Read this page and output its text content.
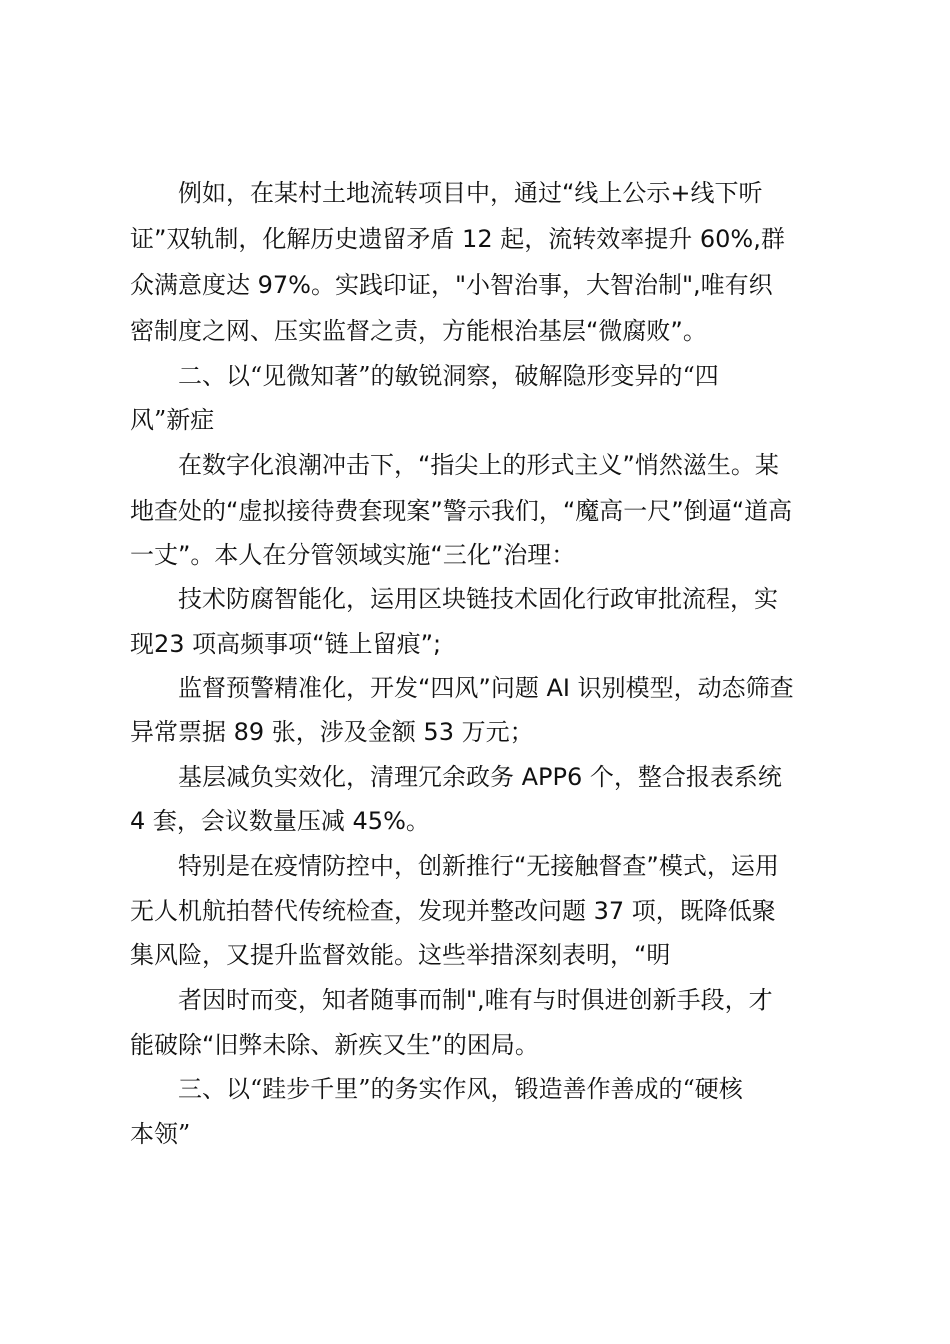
例如，在某村土地流转项目中，通过“线上公示+线下听
证”双轨制，化解历史遗留矛盾 12 起，流转效率提升 60%,群
众满意度达 97%。实践印证，"小智治事，大智治制",唯有织
密制度之网、压实监督之责，方能根治基层“微腐败”。
二、以“见微知著”的敏锐洞察，破解隐形变异的“四
风”新症
在数字化浪潮冲击下，“指尖上的形式主义”悄然滋生。某
地查处的“虚拟接待费套现案”警示我们，“魔高一尺”倒逼“道高
一丈”。本人在分管领域实施“三化”治理：
技术防腐智能化，运用区块链技术固化行政审批流程，实
现23 项高频事项“链上留痕”;
监督预警精准化，开发“四风”问题 AI 识别模型，动态筛查
异常票据 89 张，涉及金额 53 万元；
基层减负实效化，清理冗余政务 APP6 个，整合报表系统
4 套，会议数量压减 45%。
特别是在疫情防控中，创新推行“无接触督查”模式，运用
无人机航拍替代传统检查，发现并整改问题 37 项，既降低聚
集风险，又提升监督效能。这些举措深刻表明，“明
者因时而变，知者随事而制",唯有与时俱进创新手段，才
能破除“旧弊未除、新疾又生”的困局。
三、以“跬步千里”的务实作风，锻造善作善成的“硬核
本领”
